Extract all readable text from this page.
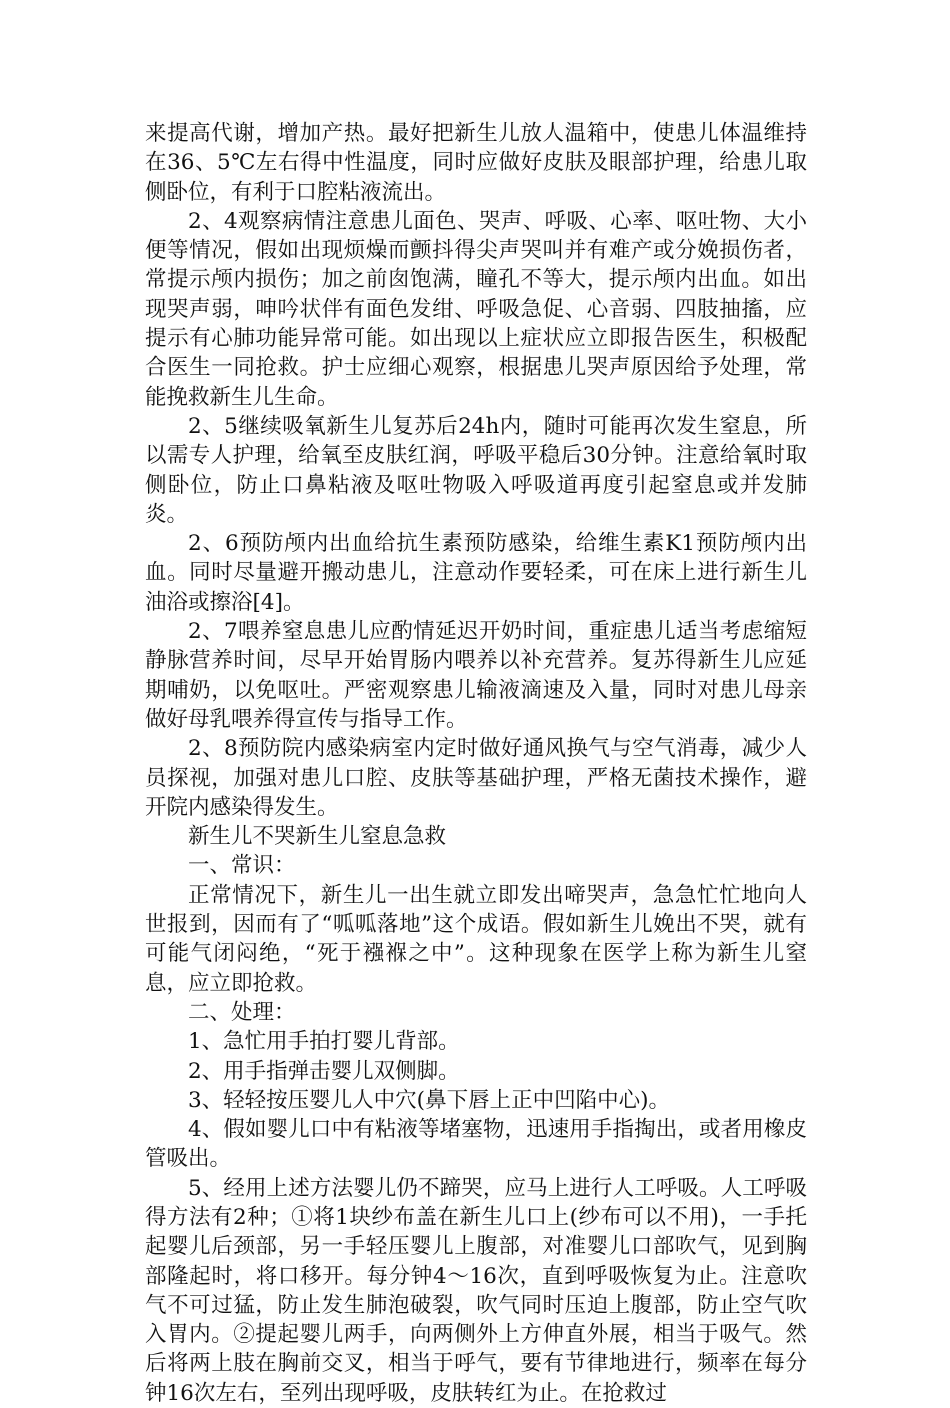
来提高代谢，增加产热。最好把新生儿放人温箱中，使患儿体温维持在36、5℃左右得中性温度，同时应做好皮肤及眼部护理，给患儿取侧卧位，有利于口腔粘液流出。

2、4观察病情注意患儿面色、哭声、呼吸、心率、呕吐物、大小便等情况，假如出现烦燥而颤抖得尖声哭叫并有难产或分娩损伤者，常提示颅内损伤；加之前囱饱满，瞳孔不等大，提示颅内出血。如出现哭声弱，呻吟状伴有面色发绀、呼吸急促、心音弱、四肢抽搐，应提示有心肺功能异常可能。如出现以上症状应立即报告医生，积极配合医生一同抢救。护士应细心观察，根据患儿哭声原因给予处理，常能挽救新生儿生命。

2、5继续吸氧新生儿复苏后24h内，随时可能再次发生窒息，所以需专人护理，给氧至皮肤红润，呼吸平稳后30分钟。注意给氧时取侧卧位，防止口鼻粘液及呕吐物吸入呼吸道再度引起窒息或并发肺炎。

2、6预防颅内出血给抗生素预防感染，给维生素K1预防颅内出血。同时尽量避开搬动患儿，注意动作要轻柔，可在床上进行新生儿油浴或擦浴[4]。

2、7喂养窒息患儿应酌情延迟开奶时间，重症患儿适当考虑缩短静脉营养时间，尽早开始胃肠内喂养以补充营养。复苏得新生儿应延期哺奶，以免呕吐。严密观察患儿输液滴速及入量，同时对患儿母亲做好母乳喂养得宣传与指导工作。

2、8预防院内感染病室内定时做好通风换气与空气消毒，减少人员探视，加强对患儿口腔、皮肤等基础护理，严格无菌技术操作，避开院内感染得发生。

新生儿不哭新生儿窒息急救

一、常识：

正常情况下，新生儿一出生就立即发出啼哭声，急急忙忙地向人世报到，因而有了“呱呱落地”这个成语。假如新生儿娩出不哭，就有可能气闭闷绝，“死于襁褓之中”。这种现象在医学上称为新生儿窒息，应立即抢救。

二、处理：

1、急忙用手拍打婴儿背部。

2、用手指弹击婴儿双侧脚。

3、轻轻按压婴儿人中穴(鼻下唇上正中凹陷中心)。

4、假如婴儿口中有粘液等堵塞物，迅速用手指掏出，或者用橡皮管吸出。

5、经用上述方法婴儿仍不蹄哭，应马上进行人工呼吸。人工呼吸得方法有2种；①将1块纱布盖在新生儿口上(纱布可以不用)，一手托起婴儿后颈部，另一手轻压婴儿上腹部，对准婴儿口部吹气，见到胸部隆起时，将口移开。每分钟4～16次，直到呼吸恢复为止。注意吹气不可过猛，防止发生肺泡破裂，吹气同时压迫上腹部，防止空气吹入胃内。②提起婴儿两手，向两侧外上方伸直外展，相当于吸气。然后将两上肢在胸前交叉，相当于呼气，要有节律地进行，频率在每分钟16次左右，至列出现呼吸，皮肤转红为止。在抢救过
